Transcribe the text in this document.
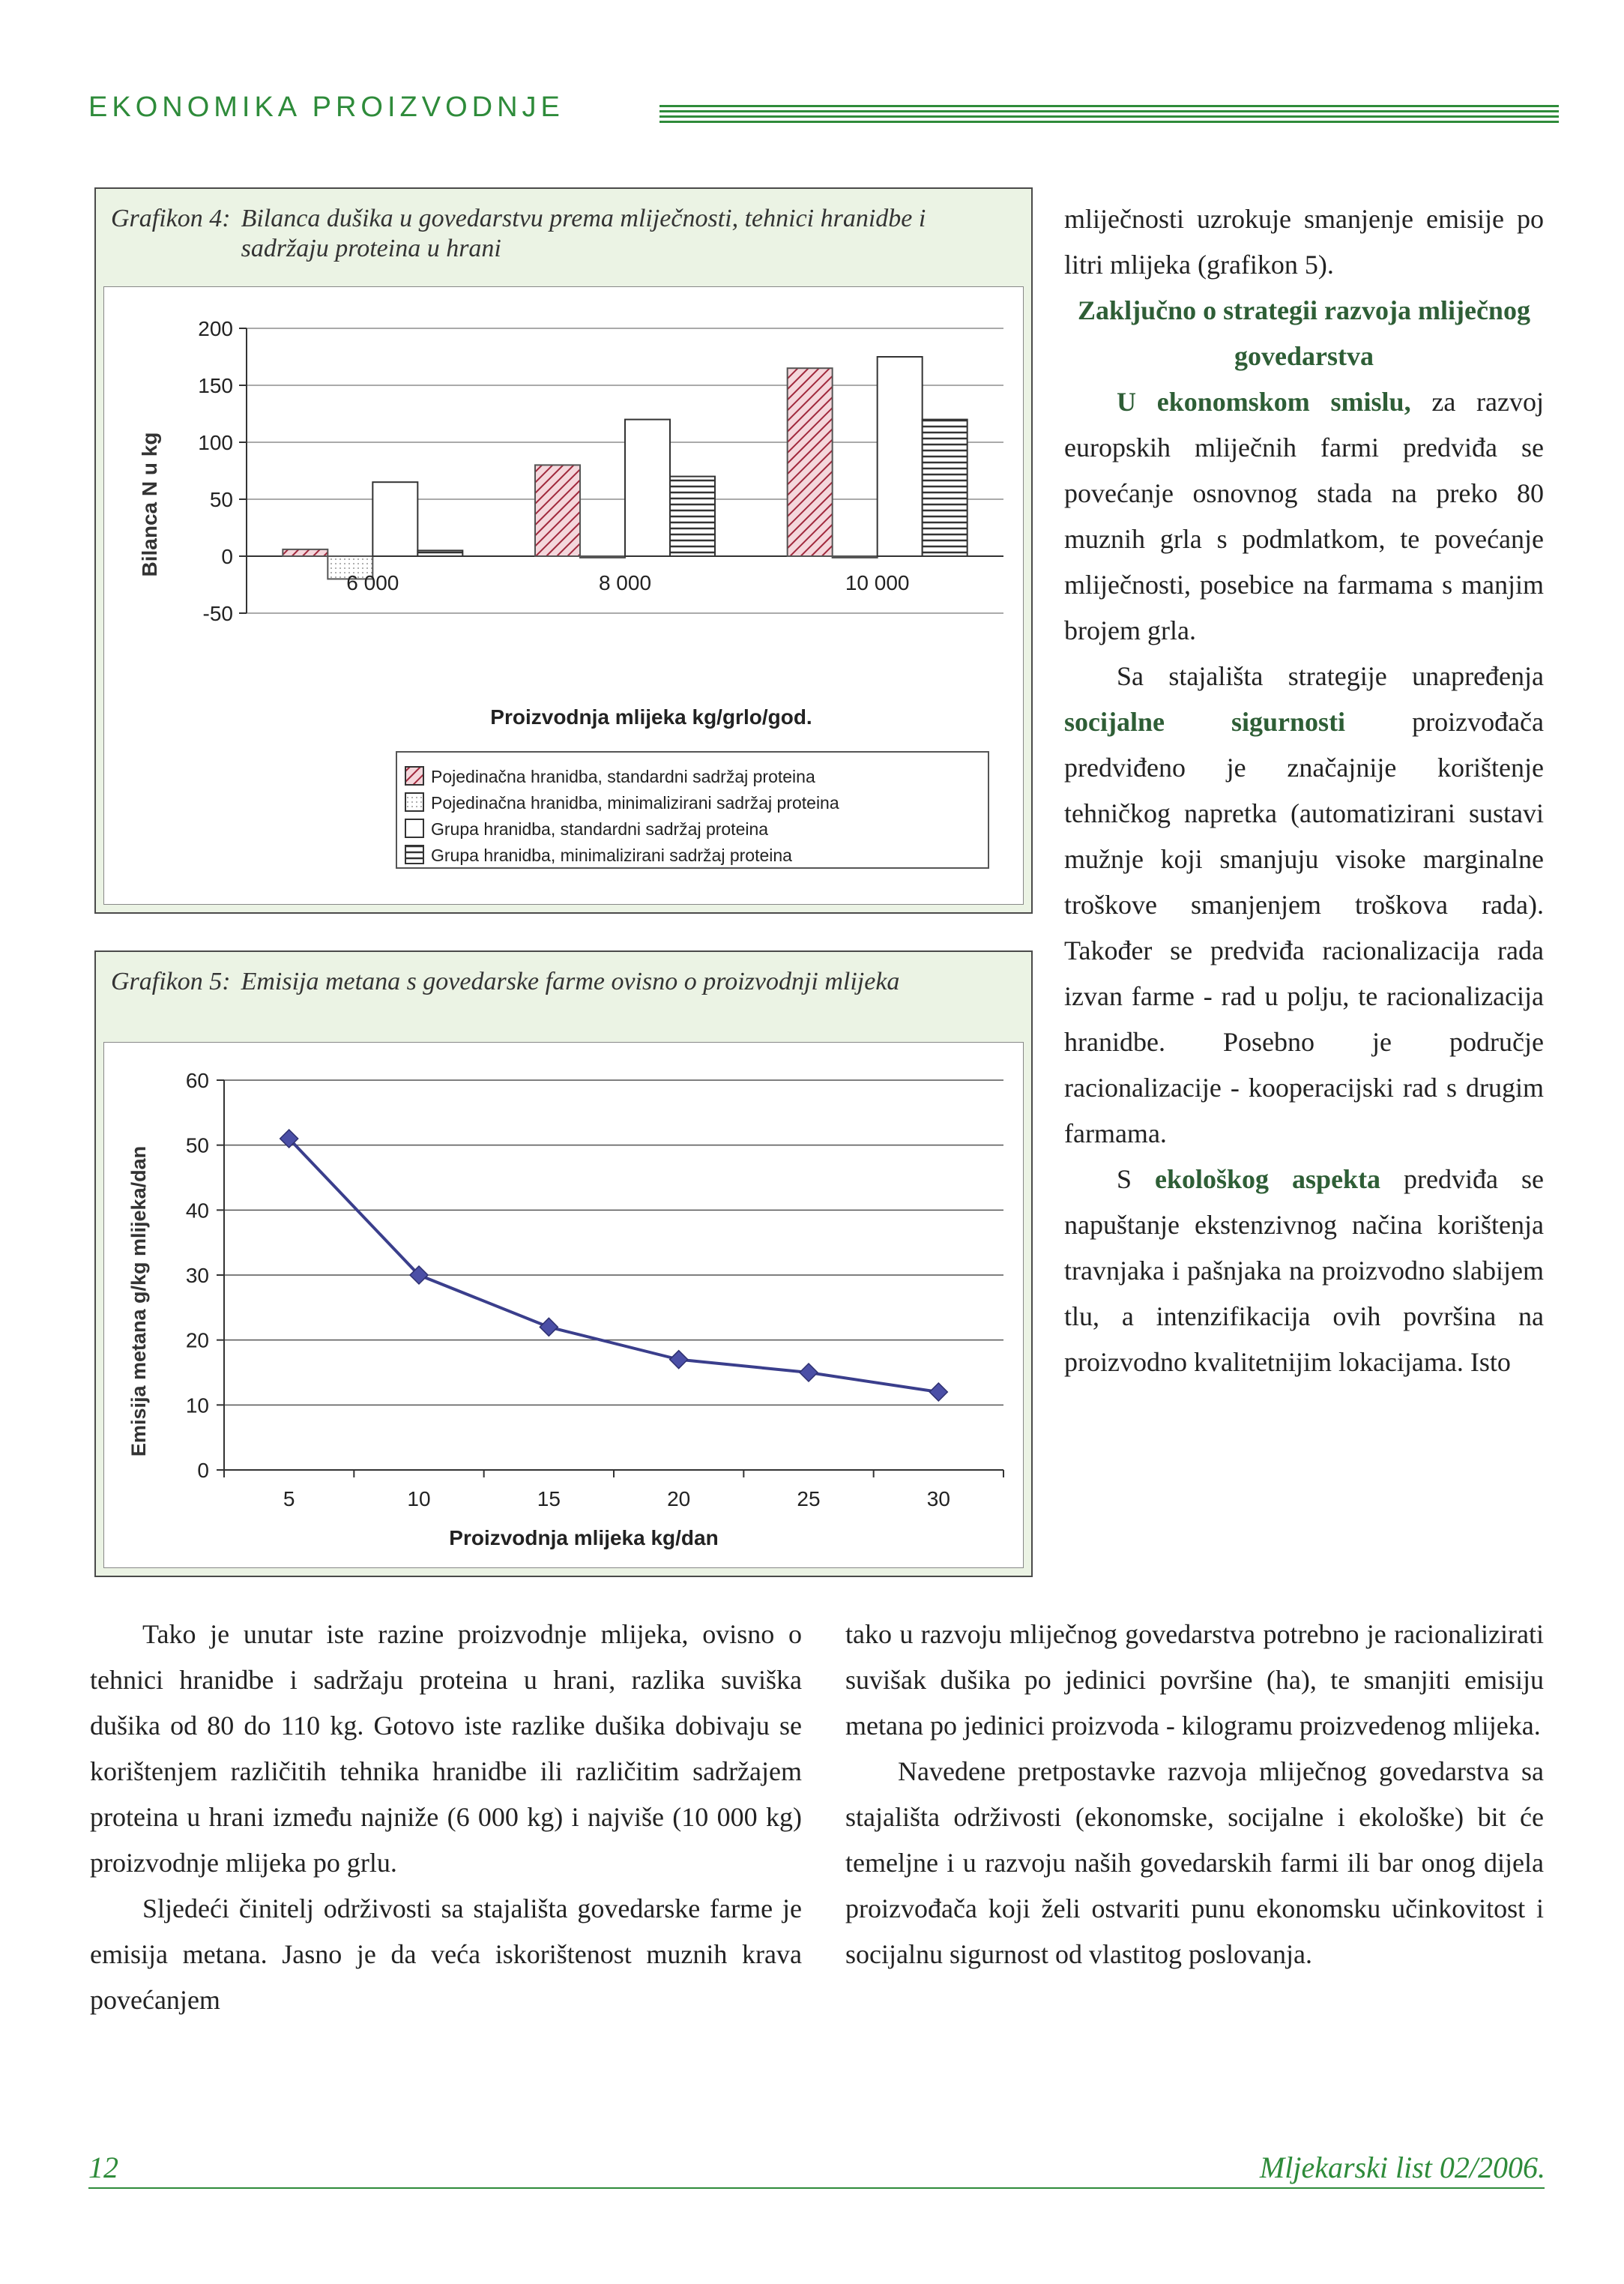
EKONOMIKA PROIZVODNJE
Grafikon 4: Bilanca dušika u govedarstvu prema mliječnosti, tehnici hranidbe i sadržaju proteina u hrani
200
150
100
50
0
-50
6 000	8 000	10 000
Bilanca N u kg
Proizvodnja mlijeka kg/grlo/god.
Pojedinačna hranidba, standardni sadržaj proteina
Pojedinačna hranidba, minimalizirani sadržaj proteina
Grupa hranidba, standardni sadržaj proteina
Grupa hranidba, minimalizirani sadržaj proteina
Grafikon 5: Emisija metana s govedarske farme ovisno o proizvodnji mlijeka
60
50
40
30
20
10
0
5	10	15	20	25	30
Emisija metana g/kg mlijeka/dan
Proizvodnja mlijeka kg/dan

mliječnosti uzrokuje smanjenje emisije po litri mlijeka (grafikon 5).

Zaključno o strategii razvoja mliječnog govedarstva

U ekonomskom smislu, za razvoj europskih mliječnih farmi predviđa se povećanje osnovnog stada na preko 80 muznih grla s podmlatkom, te povećanje mliječnosti, posebice na farmama s manjim brojem grla.

Sa stajališta strategije unapređenja socijalne sigurnosti proizvođača predviđeno je značajnije korištenje tehničkog napretka (automatizirani sustavi mužnje koji smanjuju visoke marginalne troškove smanjenjem troškova rada). Također se predviđa racionalizacija rada izvan farme - rad u polju, te racionalizacija hranidbe. Posebno je područje racionalizacije - kooperacijski rad s drugim farmama.

S ekološkog aspekta predviđa se napuštanje ekstenzivnog načina korištenja travnjaka i pašnjaka na proizvodno slabijem tlu, a intenzifikacija ovih površina na proizvodno kvalitetnijim lokacijama. Isto

Tako je unutar iste razine proizvodnje mlijeka, ovisno o tehnici hranidbe i sadržaju proteina u hrani, razlika suviška dušika od 80 do 110 kg. Gotovo iste razlike dušika dobivaju se korištenjem različitih tehnika hranidbe ili različitim sadržajem proteina u hrani između najniže (6 000 kg) i najviše (10 000 kg) proizvodnje mlijeka po grlu.

Sljedeći činitelj održivosti sa stajališta govedarske farme je emisija metana. Jasno je da veća iskorištenost muznih krava povećanjem

tako u razvoju mliječnog govedarstva potrebno je racionalizirati suvišak dušika po jedinici površine (ha), te smanjiti emisiju metana po jedinici proizvoda - kilogramu proizvedenog mlijeka.

Navedene pretpostavke razvoja mliječnog govedarstva sa stajališta održivosti (ekonomske, socijalne i ekološke) bit će temeljne i u razvoju naših govedarskih farmi ili bar onog dijela proizvođača koji želi ostvariti punu ekonomsku učinkovitost i socijalnu sigurnost od vlastitog poslovanja.

12	Mljekarski list 02/2006.
